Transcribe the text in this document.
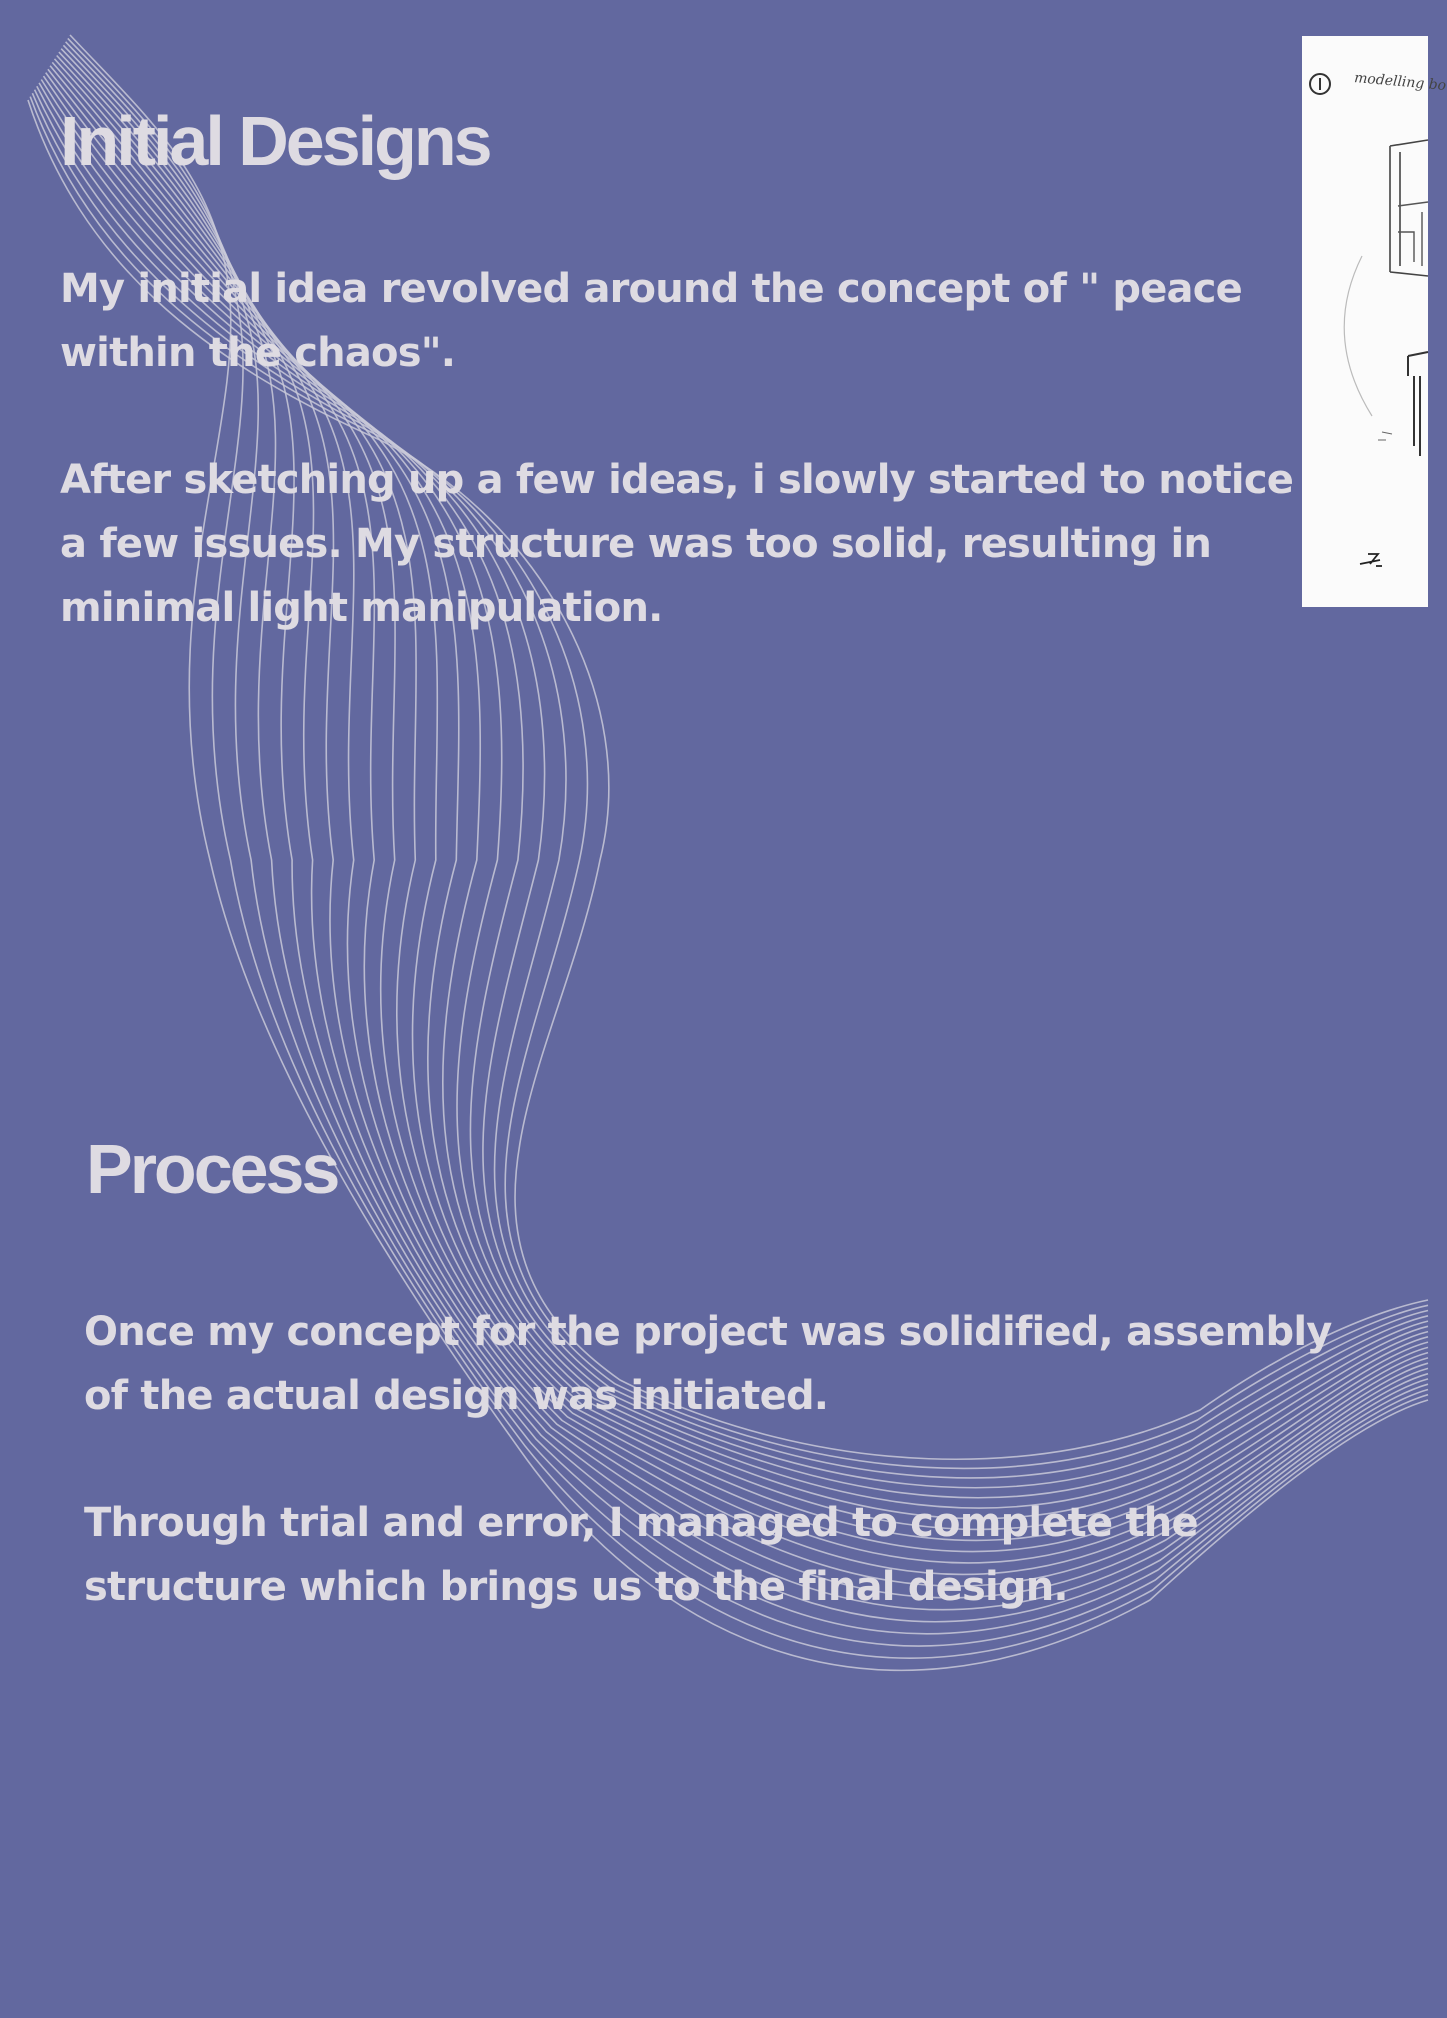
Initial Designs

My initial idea revolved around the concept of " peace within the chaos".

After sketching up a few ideas, i slowly started to notice a few issues. My structure was too solid, resulting in minimal light manipulation.

Process

Once my concept for the project was solidified, assembly of the actual design was initiated.

Through trial and error, I managed to complete the structure which brings us to the final design.

modelling bo
